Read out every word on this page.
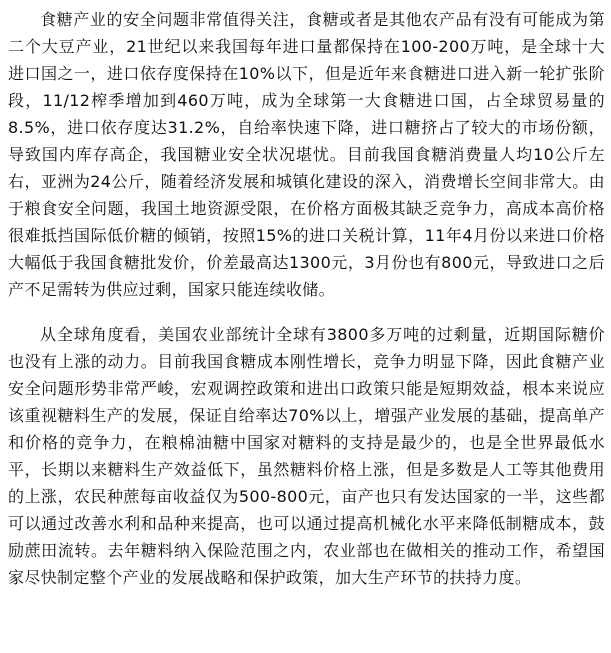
食糖产业的安全问题非常值得关注，食糖或者是其他农产品有没有可能成为第二个大豆产业，21世纪以来我国每年进口量都保持在100-200万吨，是全球十大进口国之一，进口依存度保持在10%以下，但是近年来食糖进口进入新一轮扩张阶段，11/12榨季增加到460万吨，成为全球第一大食糖进口国，占全球贸易量的8.5%，进口依存度达31.2%，自给率快速下降，进口糖挤占了较大的市场份额，导致国内库存高企，我国糖业安全状况堪忧。目前我国食糖消费量人均10公斤左右，亚洲为24公斤，随着经济发展和城镇化建设的深入，消费增长空间非常大。由于粮食安全问题，我国土地资源受限，在价格方面极其缺乏竞争力，高成本高价格很难抵挡国际低价糖的倾销，按照15%的进口关税计算，11年4月份以来进口价格大幅低于我国食糖批发价，价差最高达1300元，3月份也有800元，导致进口之后产不足需转为供应过剩，国家只能连续收储。

从全球角度看，美国农业部统计全球有3800多万吨的过剩量，近期国际糖价也没有上涨的动力。目前我国食糖成本刚性增长，竞争力明显下降，因此食糖产业安全问题形势非常严峻，宏观调控政策和进出口政策只能是短期效益，根本来说应该重视糖料生产的发展，保证自给率达70%以上，增强产业发展的基础，提高单产和价格的竞争力，在粮棉油糖中国家对糖料的支持是最少的，也是全世界最低水平，长期以来糖料生产效益低下，虽然糖料价格上涨，但是多数是人工等其他费用的上涨，农民种蔗每亩收益仅为500-800元，亩产也只有发达国家的一半，这些都可以通过改善水利和品种来提高，也可以通过提高机械化水平来降低制糖成本，鼓励蔗田流转。去年糖料纳入保险范围之内，农业部也在做相关的推动工作，希望国家尽快制定整个产业的发展战略和保护政策，加大生产环节的扶持力度。
